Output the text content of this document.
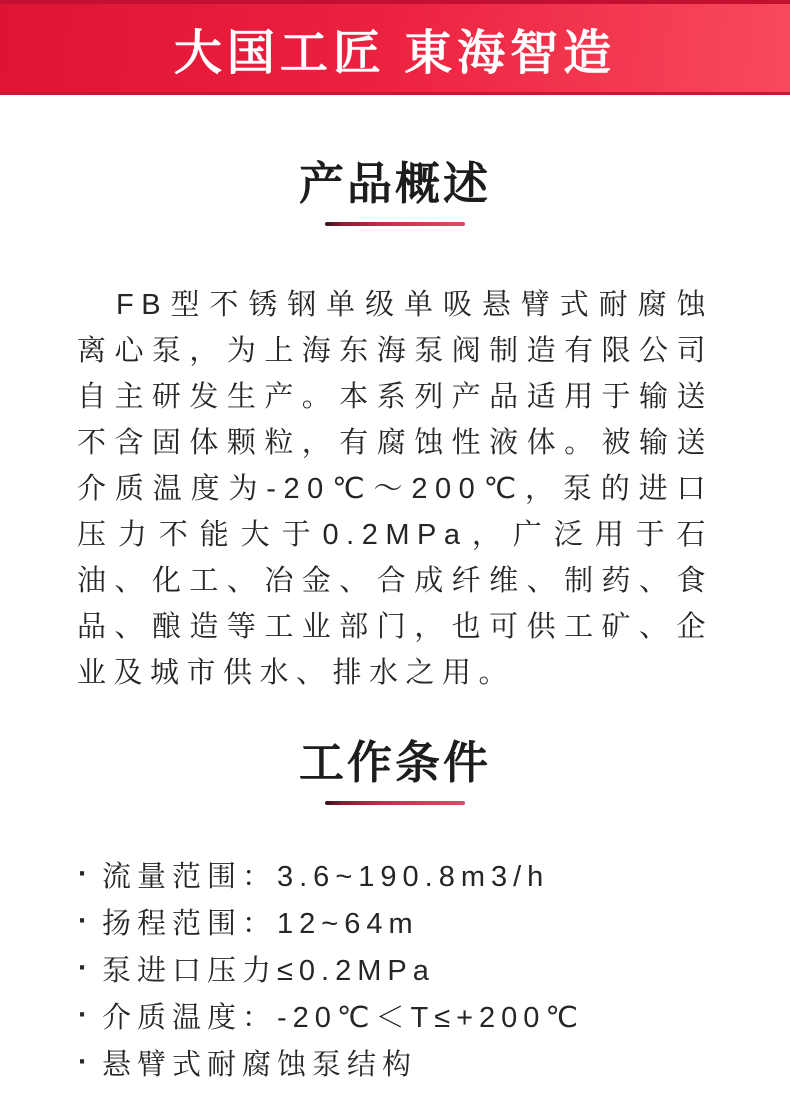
大国工匠 東海智造
产品概述

FB型不锈钢单级单吸悬臂式耐腐蚀离心泵，为上海东海泵阀制造有限公司自主研发生产。本系列产品适用于输送不含固体颗粒，有腐蚀性液体。被输送介质温度为-20℃～200℃，泵的进口压力不能大于0.2MPa，广泛用于石油、化工、冶金、合成纤维、制药、食品、酿造等工业部门，也可供工矿、企业及城市供水、排水之用。

工作条件
· 流量范围：3.6~190.8m3/h
· 扬程范围：12~64m
· 泵进口压力≤0.2MPa
· 介质温度：-20℃＜T≤+200℃
· 悬臂式耐腐蚀泵结构
